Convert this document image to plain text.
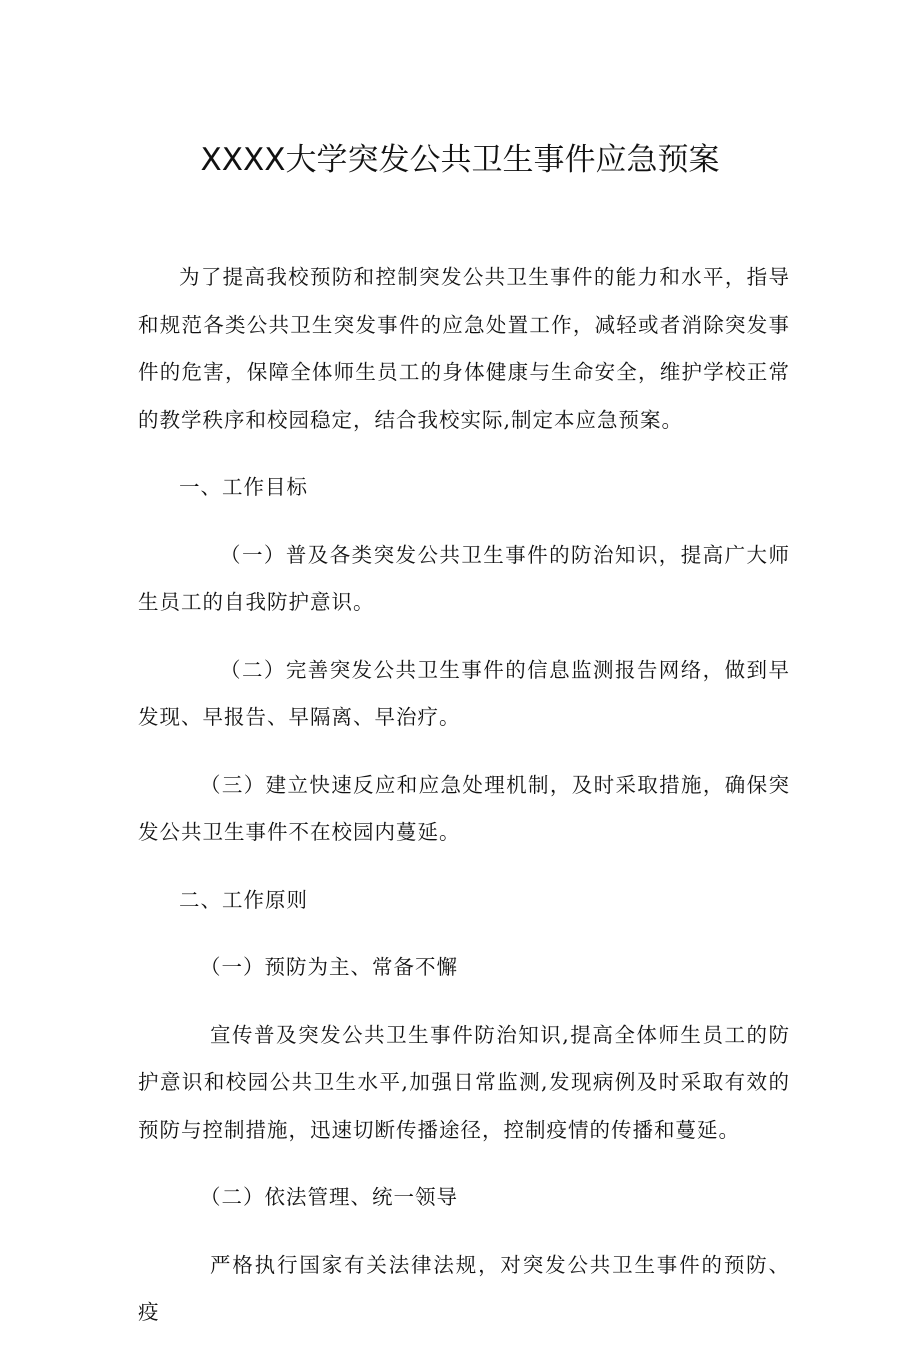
XXXX大学突发公共卫生事件应急预案

为了提高我校预防和控制突发公共卫生事件的能力和水平，指导和规范各类公共卫生突发事件的应急处置工作，减轻或者消除突发事件的危害，保障全体师生员工的身体健康与生命安全，维护学校正常的教学秩序和校园稳定，结合我校实际,制定本应急预案。

一、工作目标

（一）普及各类突发公共卫生事件的防治知识，提高广大师生员工的自我防护意识。

（二）完善突发公共卫生事件的信息监测报告网络，做到早发现、早报告、早隔离、早治疗。

（三）建立快速反应和应急处理机制，及时采取措施，确保突发公共卫生事件不在校园内蔓延。

二、工作原则

（一）预防为主、常备不懈

宣传普及突发公共卫生事件防治知识,提高全体师生员工的防护意识和校园公共卫生水平,加强日常监测,发现病例及时采取有效的预防与控制措施，迅速切断传播途径，控制疫情的传播和蔓延。

（二）依法管理、统一领导

严格执行国家有关法律法规，对突发公共卫生事件的预防、疫
